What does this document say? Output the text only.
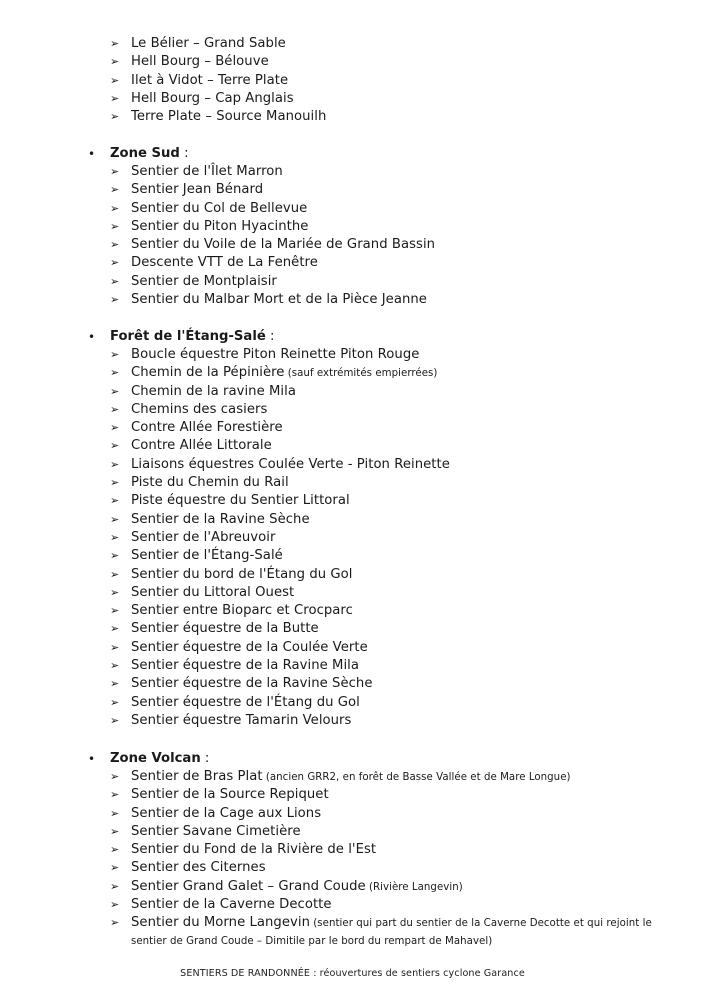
➢ Le Bélier – Grand Sable
➢ Hell Bourg – Bélouve
➢ Ilet à Vidot – Terre Plate
➢ Hell Bourg – Cap Anglais
➢ Terre Plate – Source Manouilh
• Zone Sud :
➢ Sentier de l'Îlet Marron
➢ Sentier Jean Bénard
➢ Sentier du Col de Bellevue
➢ Sentier du Piton Hyacinthe
➢ Sentier du Voile de la Mariée de Grand Bassin
➢ Descente VTT de La Fenêtre
➢ Sentier de Montplaisir
➢ Sentier du Malbar Mort et de la Pièce Jeanne
• Forêt de l'Étang-Salé :
➢ Boucle équestre Piton Reinette Piton Rouge
➢ Chemin de la Pépinière (sauf extrémités empierrées)
➢ Chemin de la ravine Mila
➢ Chemins des casiers
➢ Contre Allée Forestière
➢ Contre Allée Littorale
➢ Liaisons équestres Coulée Verte - Piton Reinette
➢ Piste du Chemin du Rail
➢ Piste équestre du Sentier Littoral
➢ Sentier de la Ravine Sèche
➢ Sentier de l'Abreuvoir
➢ Sentier de l'Étang-Salé
➢ Sentier du bord de l'Étang du Gol
➢ Sentier du Littoral Ouest
➢ Sentier entre Bioparc et Crocparc
➢ Sentier équestre de la Butte
➢ Sentier équestre de la Coulée Verte
➢ Sentier équestre de la Ravine Mila
➢ Sentier équestre de la Ravine Sèche
➢ Sentier équestre de l'Étang du Gol
➢ Sentier équestre Tamarin Velours
• Zone Volcan :
➢ Sentier de Bras Plat (ancien GRR2, en forêt de Basse Vallée et de Mare Longue)
➢ Sentier de la Source Repiquet
➢ Sentier de la Cage aux Lions
➢ Sentier Savane Cimetière
➢ Sentier du Fond de la Rivière de l'Est
➢ Sentier des Citernes
➢ Sentier Grand Galet – Grand Coude (Rivière Langevin)
➢ Sentier de la Caverne Decotte
➢ Sentier du Morne Langevin (sentier qui part du sentier de la Caverne Decotte et qui rejoint le sentier de Grand Coude – Dimitile par le bord du rempart de Mahavel)
SENTIERS DE RANDONNÉE : réouvertures de sentiers cyclone Garance
